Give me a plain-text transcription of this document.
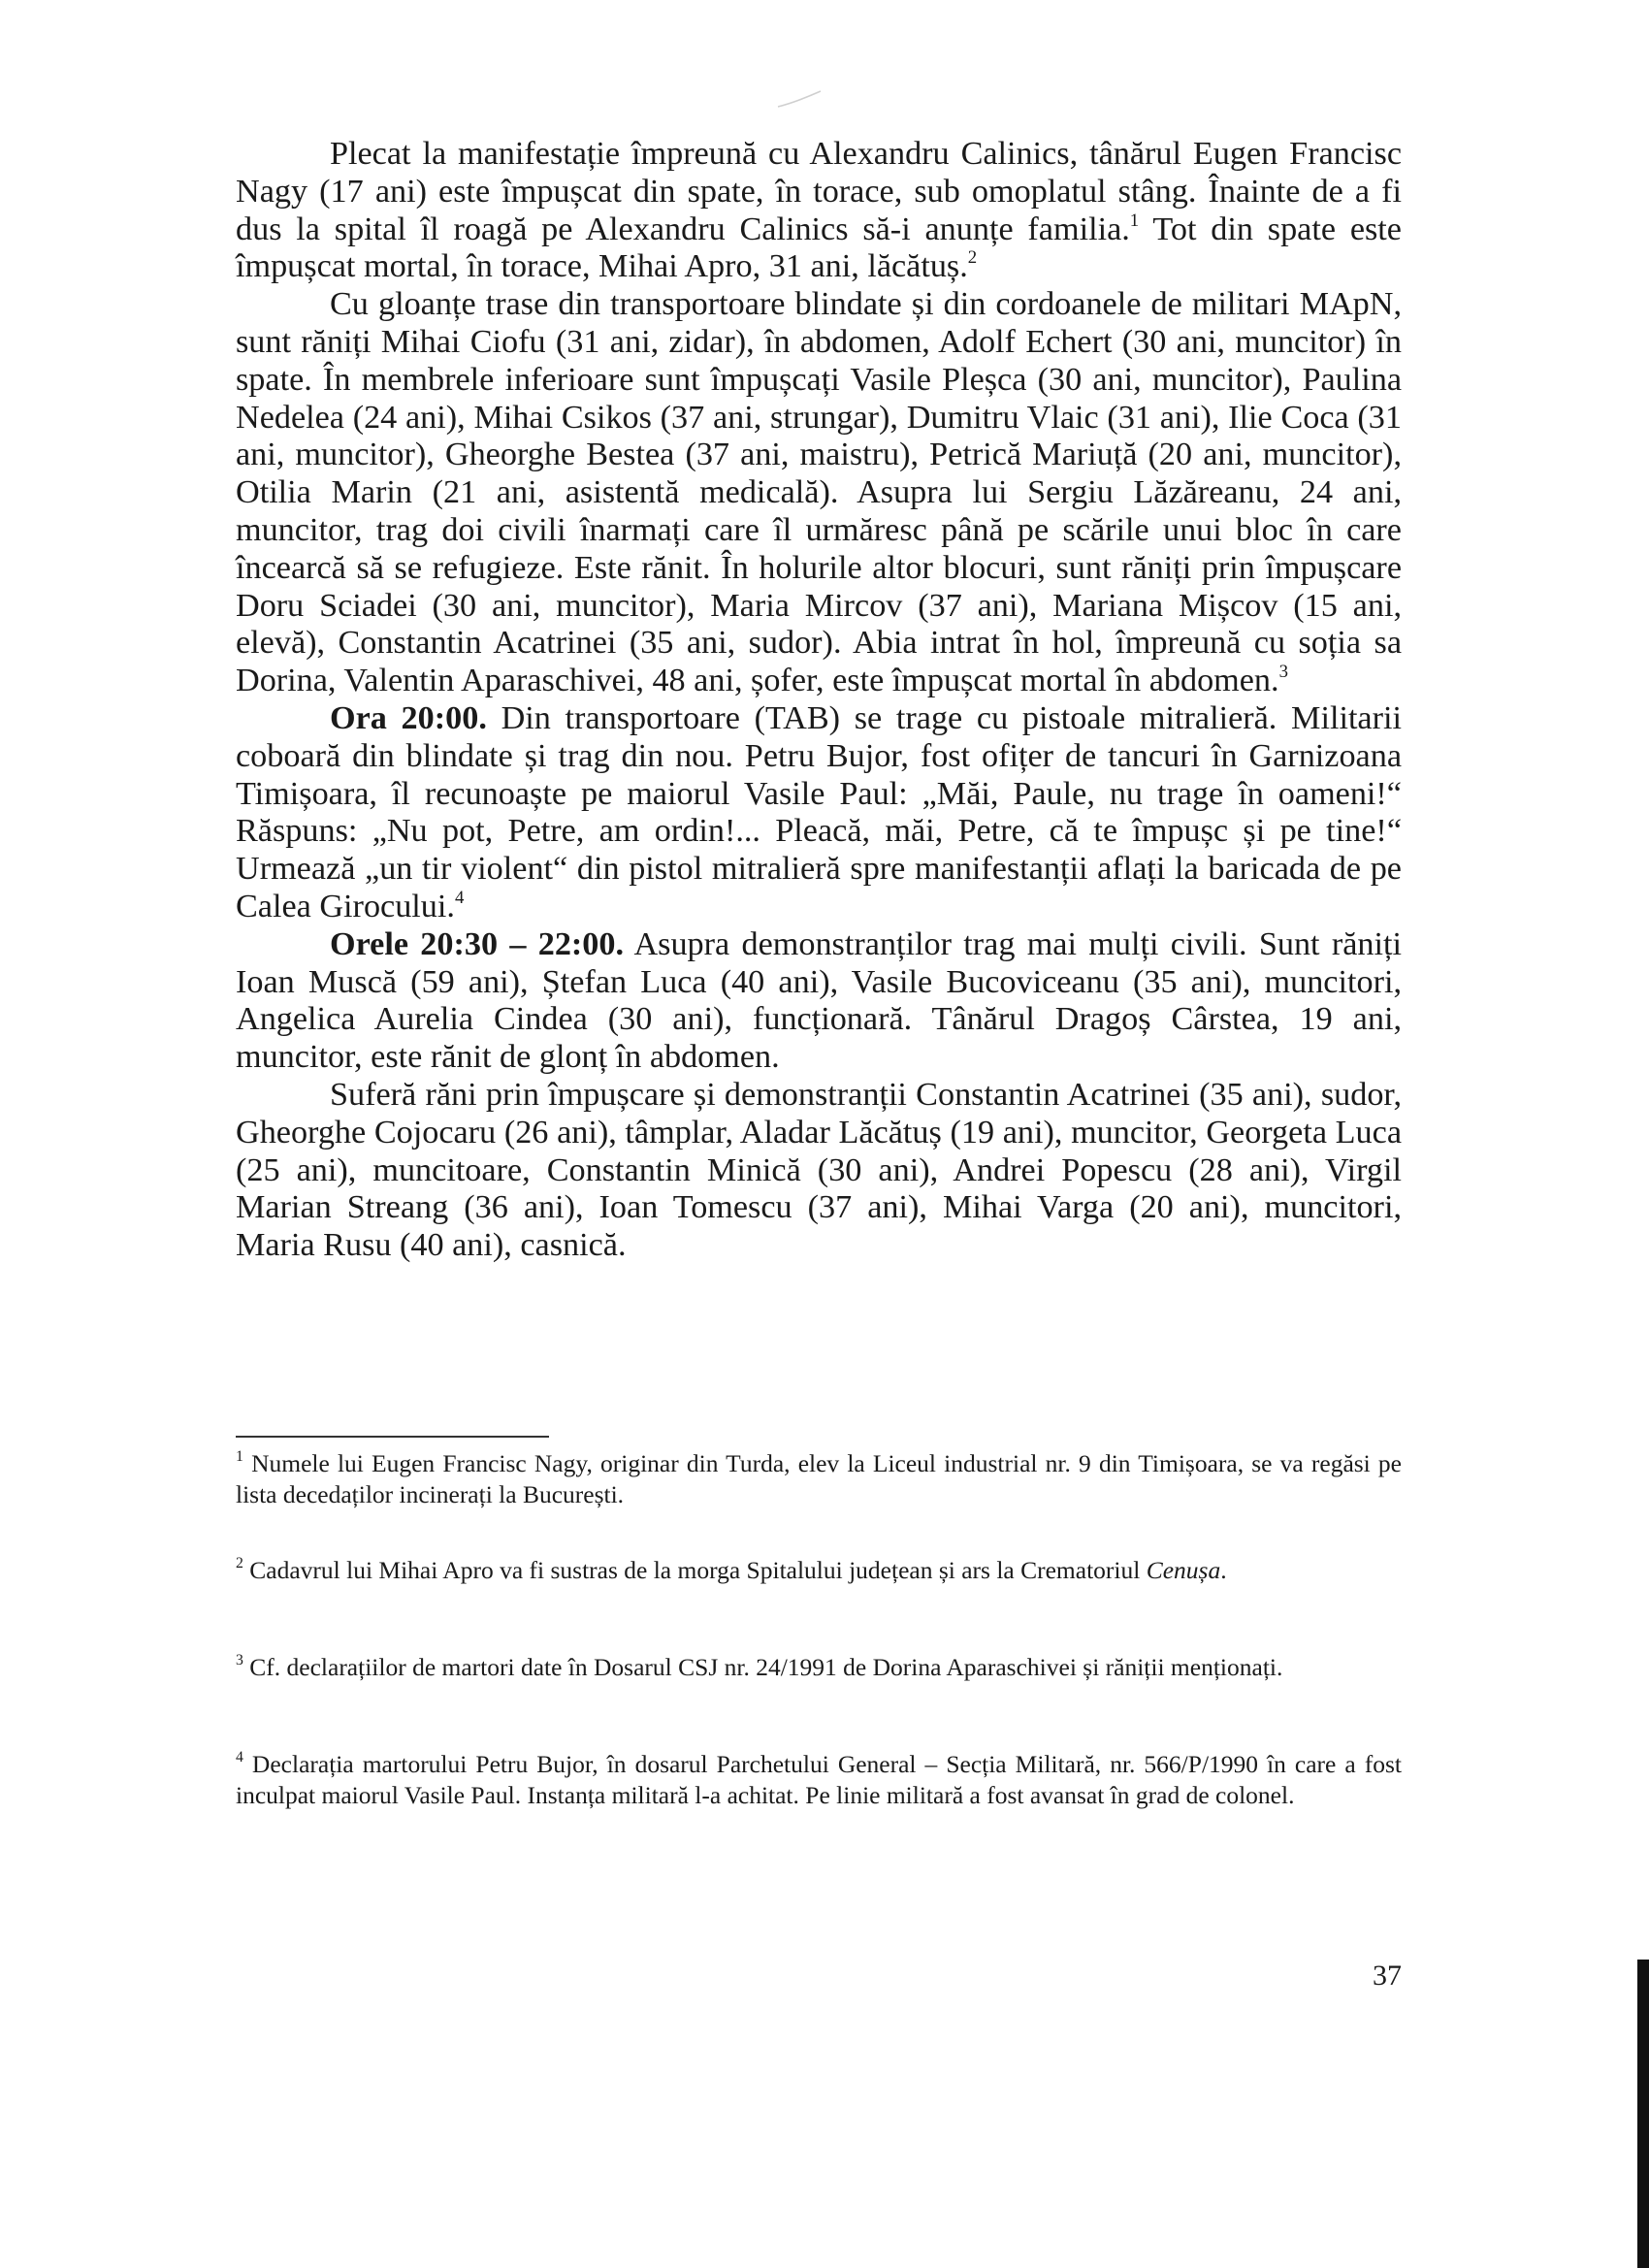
Plecat la manifestație împreună cu Alexandru Calinics, tânărul Eugen Francisc Nagy (17 ani) este împușcat din spate, în torace, sub omoplatul stâng. Înainte de a fi dus la spital îl roagă pe Alexandru Calinics să-i anunțe familia.$^1$ Tot din spate este împușcat mortal, în torace, Mihai Apro, 31 ani, lăcătuș.$^2$

Cu gloanțe trase din transportoare blindate și din cordoanele de militari MApN, sunt răniți Mihai Ciofu (31 ani, zidar), în abdomen, Adolf Echert (30 ani, muncitor) în spate. În membrele inferioare sunt împușcați Vasile Pleșca (30 ani, muncitor), Paulina Nedelea (24 ani), Mihai Csikos (37 ani, strungar), Dumitru Vlaic (31 ani), Ilie Coca (31 ani, muncitor), Gheorghe Bestea (37 ani, maistru), Petrică Mariuță (20 ani, muncitor), Otilia Marin (21 ani, asistentă medicală). Asupra lui Sergiu Lăzăreanu, 24 ani, muncitor, trag doi civili înarmați care îl urmăresc până pe scările unui bloc în care încearcă să se refugieze. Este rănit. În holurile altor blocuri, sunt răniți prin împușcare Doru Sciadei (30 ani, muncitor), Maria Mircov (37 ani), Mariana Mișcov (15 ani, elevă), Constantin Acatrinei (35 ani, sudor). Abia intrat în hol, împreună cu soția sa Dorina, Valentin Aparaschivei, 48 ani, șofer, este împușcat mortal în abdomen.$^3$

Ora 20:00. Din transportoare (TAB) se trage cu pistoale mitralieră. Militarii coboară din blindate și trag din nou. Petru Bujor, fost ofițer de tancuri în Garnizoana Timișoara, îl recunoaște pe maiorul Vasile Paul: „Măi, Paule, nu trage în oameni!“ Răspuns: „Nu pot, Petre, am ordin!... Pleacă, măi, Petre, că te împușc și pe tine!“ Urmează „un tir violent“ din pistol mitralieră spre manifestanții aflați la baricada de pe Calea Girocului.$^4$

Orele 20:30 – 22:00. Asupra demonstranților trag mai mulți civili. Sunt răniți Ioan Muscă (59 ani), Ștefan Luca (40 ani), Vasile Bucoviceanu (35 ani), muncitori, Angelica Aurelia Cindea (30 ani), funcționară. Tânărul Dragoș Cârstea, 19 ani, muncitor, este rănit de glonț în abdomen.

Suferă răni prin împușcare și demonstranții Constantin Acatrinei (35 ani), sudor, Gheorghe Cojocaru (26 ani), tâmplar, Aladar Lăcătuș (19 ani), muncitor, Georgeta Luca (25 ani), muncitoare, Constantin Minică (30 ani), Andrei Popescu (28 ani), Virgil Marian Streang (36 ani), Ioan Tomescu (37 ani), Mihai Varga (20 ani), muncitori, Maria Rusu (40 ani), casnică.

$^1$ Numele lui Eugen Francisc Nagy, originar din Turda, elev la Liceul industrial nr. 9 din Timișoara, se va regăsi pe lista decedaților incinerați la București.
$^2$ Cadavrul lui Mihai Apro va fi sustras de la morga Spitalului județean și ars la Crematoriul Cenușa.
$^3$ Cf. declarațiilor de martori date în Dosarul CSJ nr. 24/1991 de Dorina Aparaschivei și răniții menționați.
$^4$ Declarația martorului Petru Bujor, în dosarul Parchetului General – Secția Militară, nr. 566/P/1990 în care a fost inculpat maiorul Vasile Paul. Instanța militară l-a achitat. Pe linie militară a fost avansat în grad de colonel.
37
